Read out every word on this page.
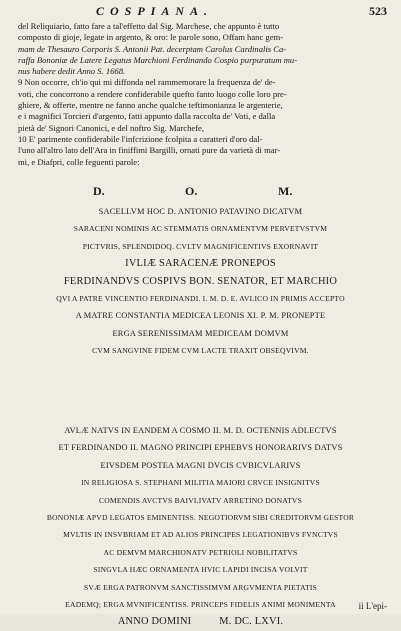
COSPIANA.	523
del Reliquiario, fatto fare a tal'effetto dal Sig. Marchese, che appunto è tutto
composto di gioje, legate in argento, & oro: le parole sono, Offam hanc gem-
mam de Thesauro Corporis S. Antonii Pat. decerptam Carolus Cardinalis Ca-
raffa Bononiæ de Latere Legatus Marchioni Ferdinando Cospio purpuratum mu-
nus habere dedit Anno S. 1668.
9 Non occorre, ch'io qui mi diffonda nel rammemorare la frequenza de' de-
voti, che concorrono a rendere confiderabile quefto fanto luogo colle loro pre-
ghiere, & offerte, mentre ne fanno anche qualche teftimonianza le argenterie,
e i magnifici Torcieri d'argento, fatti appunto dalla raccolta de' Voti, e dalla
pietà de' Signori Canonici, e del noftro Sig. Marchefe,
10 E' parimente confiderabile l'infcrizione fcolpita a caratteri d'oro dal-
l'uno all'altro lato dell'Ara in finiffimi Bargilli, ornati pure da varietà di mar-
mi, e Diafpri, colle feguenti parole:
D.	O.	M.
SACELLVM HOC D. ANTONIO PATAVINO DICATVM
SARACENI NOMINIS AC STEMMATIS ORNAMENTVM PERVETVSTVM
PICTVRIS, SPLENDIDOQ. CVLTV MAGNIFICENTIVS EXORNAVIT
IVLIÆ SARACENÆ PRONEPOS
FERDINANDVS COSPIVS BON. SENATOR, ET MARCHIO
QVI A PATRE VINCENTIO FERDINANDI. I. M. D. E. AVLICO IN PRIMIS ACCEPTO
A MATRE CONSTANTIA MEDICEA LEONIS XI. P. M. PRONEPTE
ERGA SERENISSIMAM MEDICEAM DOMVM
CVM SANGVINE FIDEM CVM LACTE TRAXIT OBSEQVIVM.
AVLÆ NATVS IN EANDEM A COSMO II. M. D. OCTENNIS ADLECTVS
ET FERDINANDO II. MAGNO PRINCIPI EPHEBVS HONORARIVS DATVS
EIVSDEM POSTEA MAGNI DVCIS CVBICVLARIVS
IN RELIGIOSA S. STEPHANI MILITIA MAIORI CRVCE INSIGNITVS
COMENDIS AVCTVS BAIVLIVATV ARRETINO DONATVS
BONONIÆ APVD LEGATOS EMINENTISS. NEGOTIORVM SIBI CREDITORVM GESTOR
MVLTIS IN INSVBRIAM ET AD ALIOS PRINCIPES LEGATIONIBVS FVNCTVS
AC DEMVM MARCHIONATV PETRIOLI NOBILITATVS
SINGVLA HÆC ORNAMENTA HVIC LAPIDI INCISA VOLVIT
SVÆ ERGA PATRONVM SANCTISSIMVM ARGVMENTA PIETATIS
EADEMQ; ERGA MVNIFICENTISS. PRINCEPS FIDELIS ANIMI MONIMENTA
ANNO DOMINI          M. DC. LXVI.
ii L'epi-
